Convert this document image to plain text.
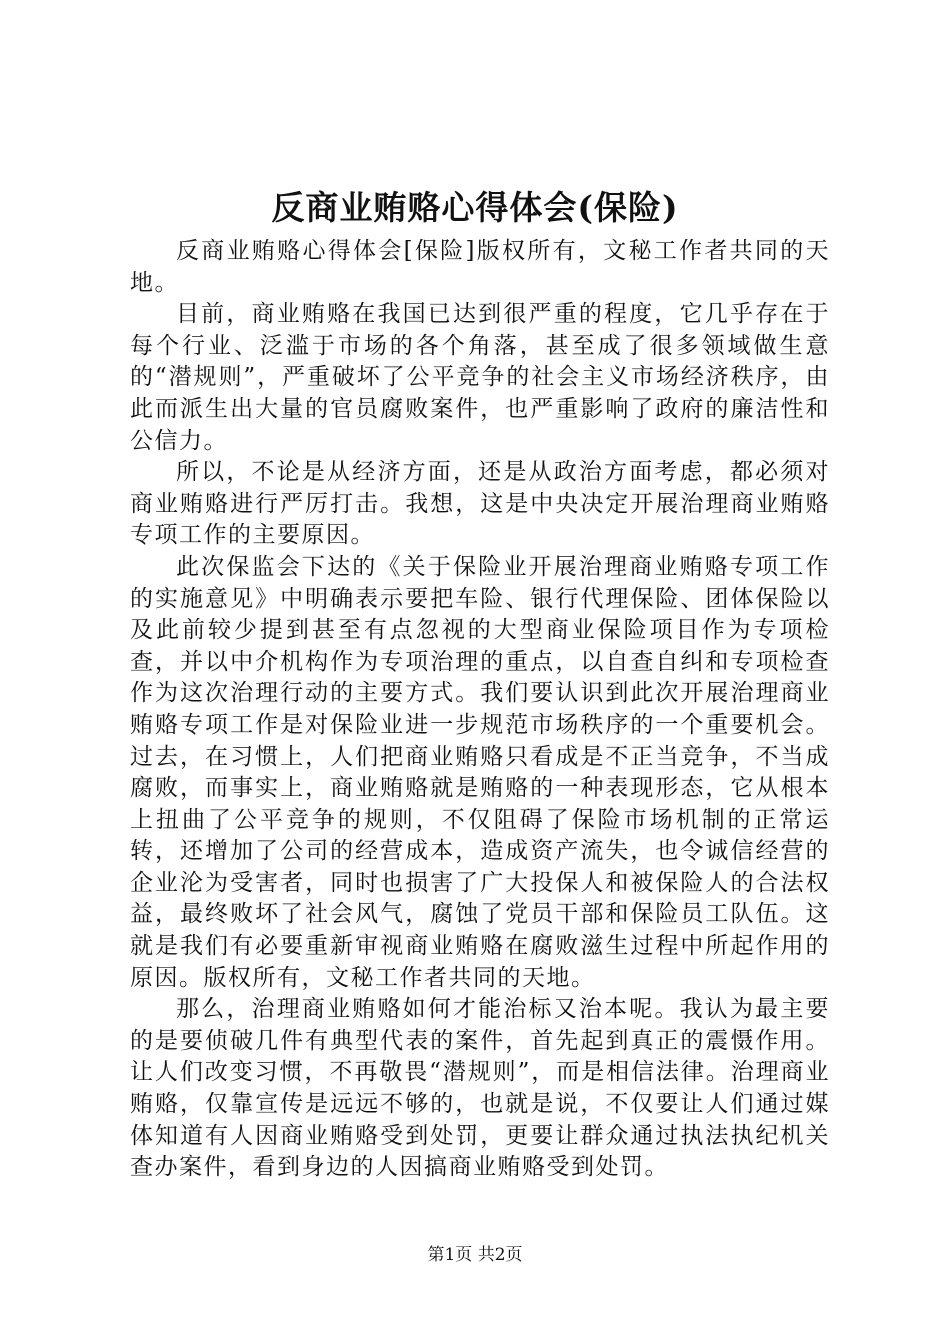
反商业贿赂心得体会(保险)

反商业贿赂心得体会[保险]版权所有，文秘工作者共同的天地。

目前，商业贿赂在我国已达到很严重的程度，它几乎存在于每个行业、泛滥于市场的各个角落，甚至成了很多领域做生意的“潜规则”，严重破坏了公平竞争的社会主义市场经济秩序，由此而派生出大量的官员腐败案件，也严重影响了政府的廉洁性和公信力。

所以，不论是从经济方面，还是从政治方面考虑，都必须对商业贿赂进行严厉打击。我想，这是中央决定开展治理商业贿赂专项工作的主要原因。

此次保监会下达的《关于保险业开展治理商业贿赂专项工作的实施意见》中明确表示要把车险、银行代理保险、团体保险以及此前较少提到甚至有点忽视的大型商业保险项目作为专项检查，并以中介机构作为专项治理的重点，以自查自纠和专项检查作为这次治理行动的主要方式。我们要认识到此次开展治理商业贿赂专项工作是对保险业进一步规范市场秩序的一个重要机会。过去，在习惯上，人们把商业贿赂只看成是不正当竞争，不当成腐败，而事实上，商业贿赂就是贿赂的一种表现形态，它从根本上扭曲了公平竞争的规则，不仅阻碍了保险市场机制的正常运转，还增加了公司的经营成本，造成资产流失，也令诚信经营的企业沦为受害者，同时也损害了广大投保人和被保险人的合法权益，最终败坏了社会风气，腐蚀了党员干部和保险员工队伍。这就是我们有必要重新审视商业贿赂在腐败滋生过程中所起作用的原因。版权所有，文秘工作者共同的天地。

那么，治理商业贿赂如何才能治标又治本呢。我认为最主要的是要侦破几件有典型代表的案件，首先起到真正的震慑作用。让人们改变习惯，不再敬畏“潜规则”，而是相信法律。治理商业贿赂，仅靠宣传是远远不够的，也就是说，不仅要让人们通过媒体知道有人因商业贿赂受到处罚，更要让群众通过执法执纪机关查办案件，看到身边的人因搞商业贿赂受到处罚。

第1页 共2页
